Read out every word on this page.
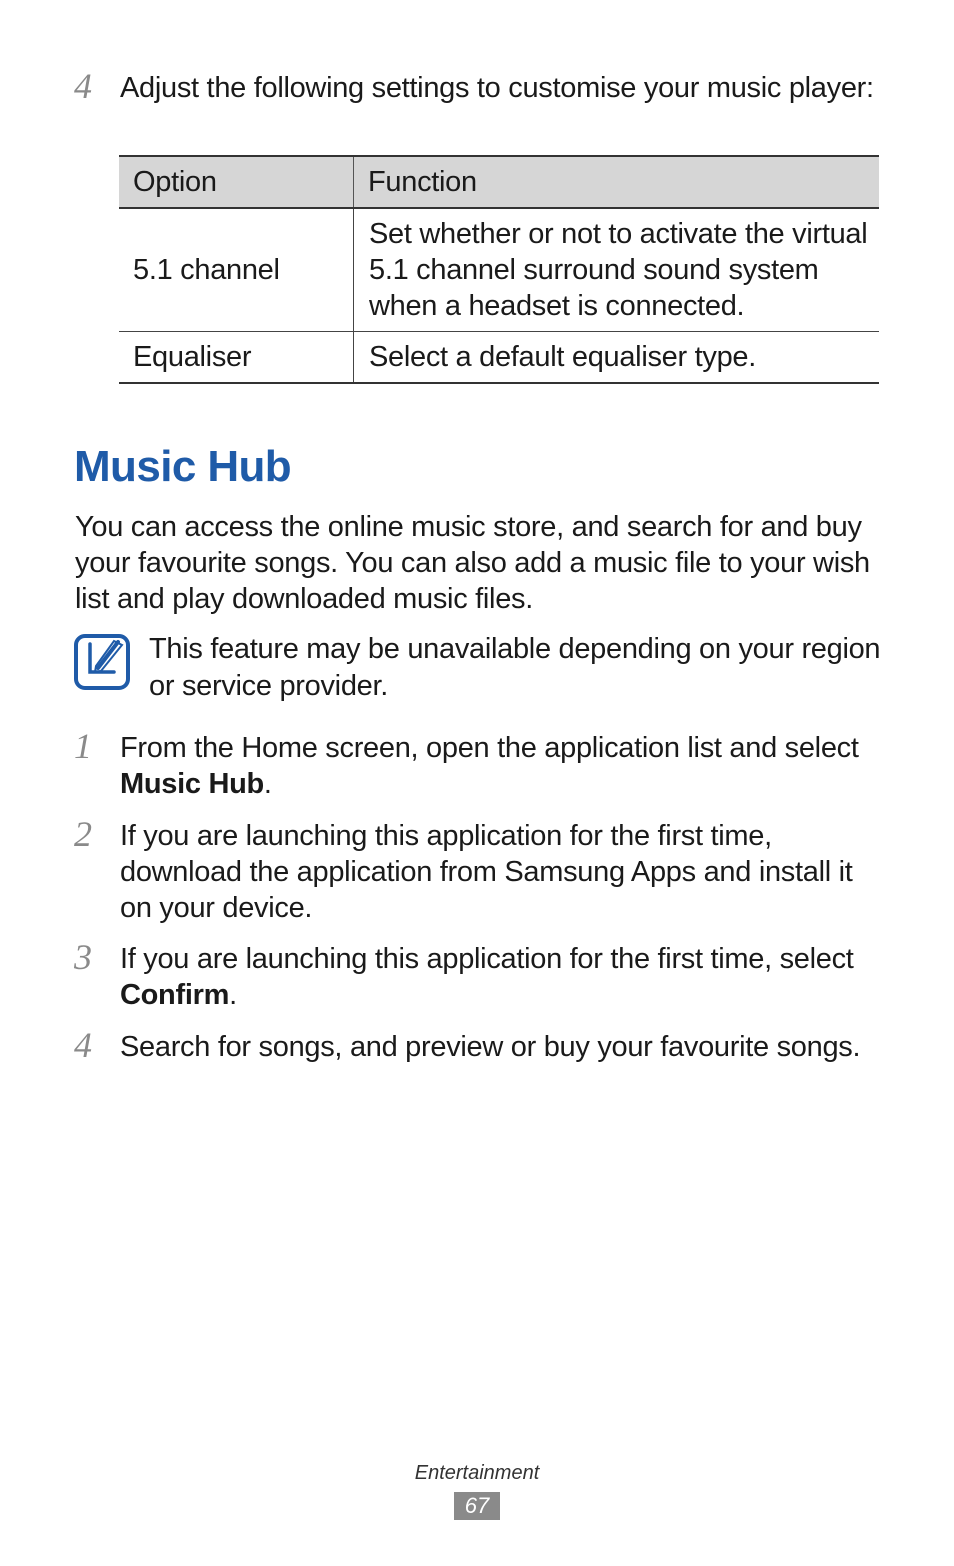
4 Adjust the following settings to customise your music player:
Option	Function
5.1 channel	Set whether or not to activate the virtual 5.1 channel surround sound system when a headset is connected.
Equaliser	Select a default equaliser type.
Music Hub
You can access the online music store, and search for and buy your favourite songs. You can also add a music file to your wish list and play downloaded music files.
This feature may be unavailable depending on your region or service provider.
1 From the Home screen, open the application list and select Music Hub.
2 If you are launching this application for the first time, download the application from Samsung Apps and install it on your device.
3 If you are launching this application for the first time, select Confirm.
4 Search for songs, and preview or buy your favourite songs.
Entertainment
67
